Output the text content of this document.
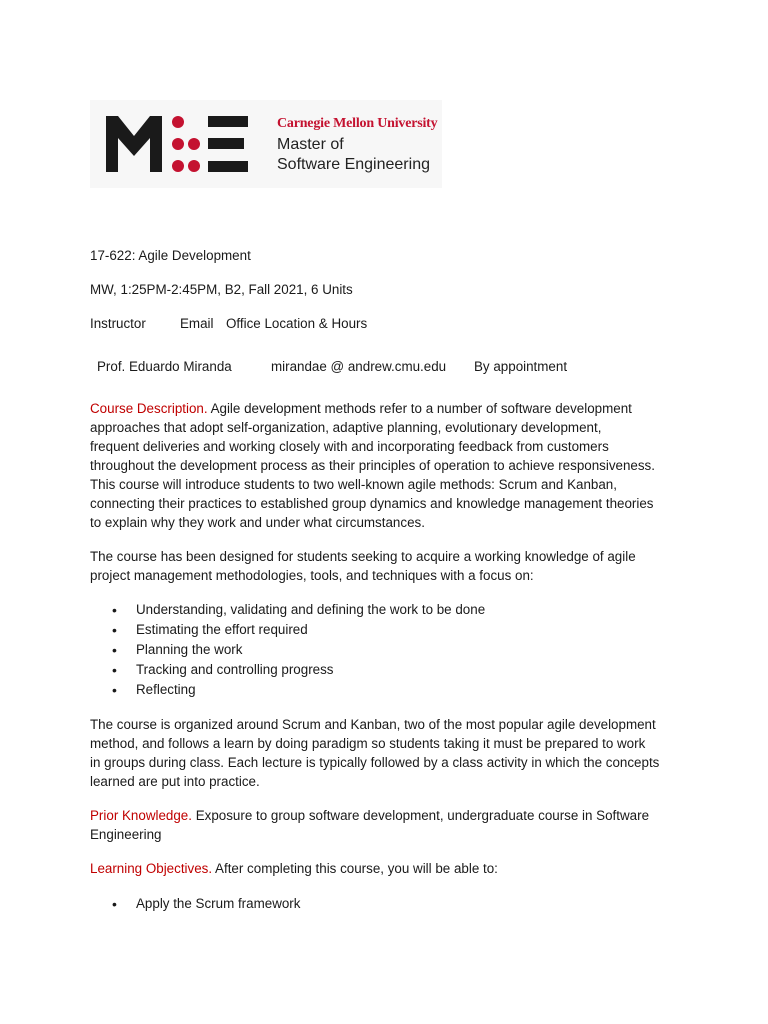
Carnegie Mellon University
Master of
Software Engineering
17-622: Agile Development
MW, 1:25PM-2:45PM, B2, Fall 2021, 6 Units
Instructor	Email Office Location & Hours
Prof. Eduardo Miranda	mirandae @ andrew.cmu.edu By appointment
Course Description. Agile development methods refer to a number of software development
approaches that adopt self-organization, adaptive planning, evolutionary development,
frequent deliveries and working closely with and incorporating feedback from customers
throughout the development process as their principles of operation to achieve responsiveness.
This course will introduce students to two well-known agile methods: Scrum and Kanban,
connecting their practices to established group dynamics and knowledge management theories
to explain why they work and under what circumstances.
The course has been designed for students seeking to acquire a working knowledge of agile
project management methodologies, tools, and techniques with a focus on:
• Understanding, validating and defining the work to be done
• Estimating the effort required
• Planning the work
• Tracking and controlling progress
• Reflecting
The course is organized around Scrum and Kanban, two of the most popular agile development
method, and follows a learn by doing paradigm so students taking it must be prepared to work
in groups during class. Each lecture is typically followed by a class activity in which the concepts
learned are put into practice.
Prior Knowledge. Exposure to group software development, undergraduate course in Software
Engineering
Learning Objectives. After completing this course, you will be able to:
• Apply the Scrum framework
